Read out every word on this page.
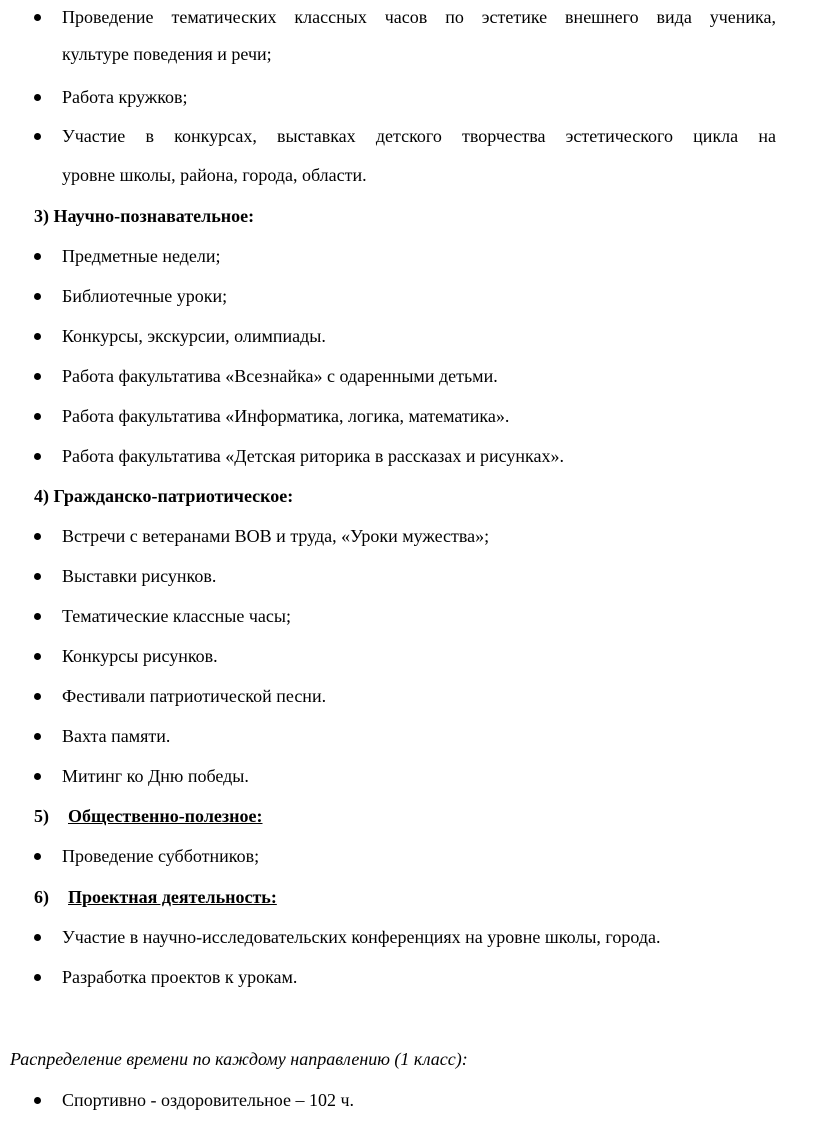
Проведение тематических классных часов по эстетике внешнего вида ученика,
культуре поведения и речи;
Работа кружков;
Участие в конкурсах, выставках детского творчества эстетического цикла на
уровне школы, района, города, области.
3) Научно-познавательное:
Предметные недели;
Библиотечные уроки;
Конкурсы, экскурсии, олимпиады.
Работа факультатива «Всезнайка» с одаренными детьми.
Работа факультатива «Информатика, логика, математика».
Работа факультатива «Детская риторика в рассказах и рисунках».
4) Гражданско-патриотическое:
Встречи с ветеранами ВОВ и труда, «Уроки мужества»;
Выставки рисунков.
Тематические классные часы;
Конкурсы рисунков.
Фестивали патриотической песни.
Вахта памяти.
Митинг ко Дню победы.
5) Общественно-полезное:
Проведение субботников;
6) Проектная деятельность:
Участие в научно-исследовательских конференциях на уровне школы, города.
Разработка проектов к урокам.
Распределение времени по каждому направлению (1 класс):
Спортивно - оздоровительное – 102 ч.
